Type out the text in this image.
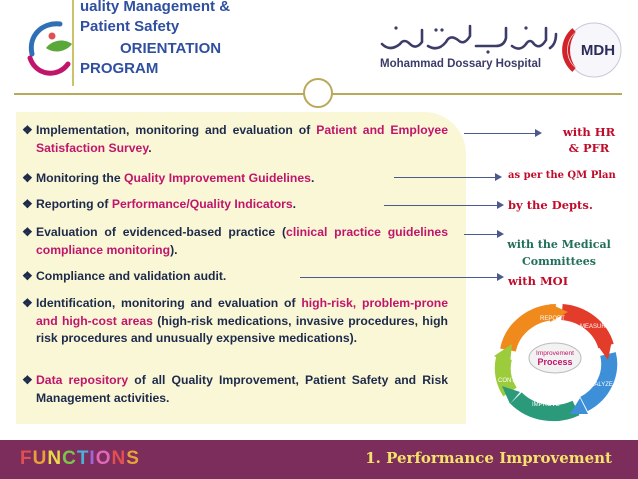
uality Management &
Patient Safety
ORIENTATION
PROGRAM	Mohammad Dossary Hospital
MDH
❖ Implementation, monitoring and evaluation of Patient and Employee Satisfaction Survey.
❖ Monitoring the Quality Improvement Guidelines.
❖ Reporting of Performance/Quality Indicators.
❖ Evaluation of evidenced-based practice (clinical practice guidelines compliance monitoring).
❖ Compliance and validation audit.
❖ Identification, monitoring and evaluation of high-risk, problem-prone and high-cost areas (high-risk medications, invasive procedures, high risk procedures and unusually expensive medications).
❖ Data repository of all Quality Improvement, Patient Safety and Risk Management activities.
with HR
& PFR
as per the QM Plan
by the Depts.
with the Medical
Committees
with MOI
Improvement
Process
REPORT
MEASURE
ANALYZE
IMPROVE
CONTROL
FUNCTIONS	1. Performance Improvement
